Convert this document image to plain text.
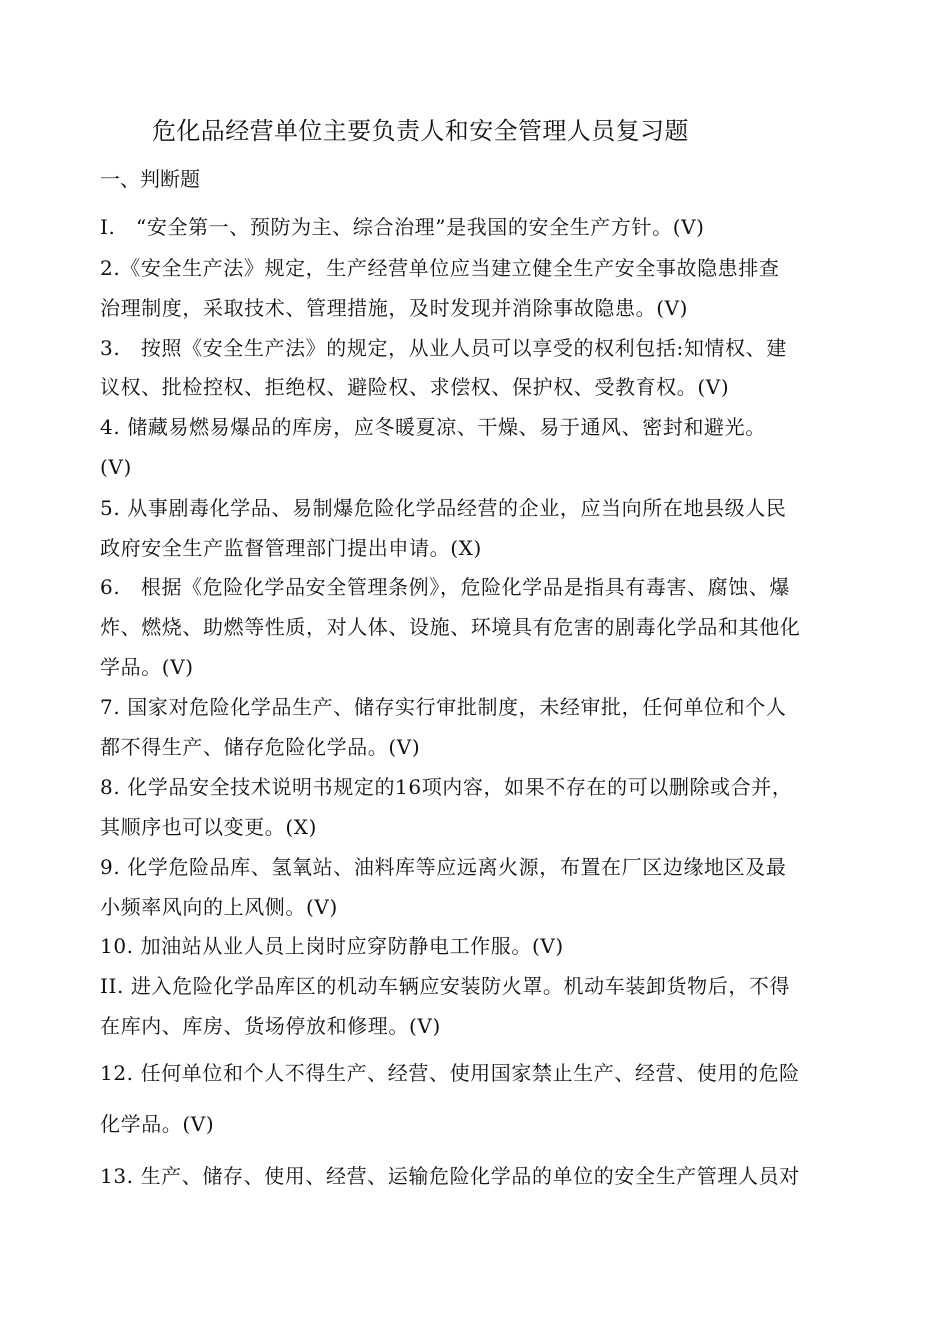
危化品经营单位主要负责人和安全管理人员复习题
一、判断题
I.　“安全第一、预防为主、综合治理”是我国的安全生产方针。(V)
2.《安全生产法》规定，生产经营单位应当建立健全生产安全事故隐患排查
治理制度，采取技术、管理措施，及时发现并消除事故隐患。(V)
3.　按照《安全生产法》的规定，从业人员可以享受的权利包括:知情权、建
议权、批检控权、拒绝权、避险权、求偿权、保护权、受教育权。(V)
4. 储藏易燃易爆品的库房，应冬暖夏凉、干燥、易于通风、密封和避光。
(V)
5. 从事剧毒化学品、易制爆危险化学品经营的企业，应当向所在地县级人民
政府安全生产监督管理部门提出申请。(X)
6.　根据《危险化学品安全管理条例》，危险化学品是指具有毒害、腐蚀、爆
炸、燃烧、助燃等性质，对人体、设施、环境具有危害的剧毒化学品和其他化
学品。(V)
7. 国家对危险化学品生产、储存实行审批制度，未经审批，任何单位和个人
都不得生产、储存危险化学品。(V)
8. 化学品安全技术说明书规定的16项内容，如果不存在的可以删除或合并，
其顺序也可以变更。(X)
9. 化学危险品库、氢氧站、油料库等应远离火源，布置在厂区边缘地区及最
小频率风向的上风侧。(V)
10. 加油站从业人员上岗时应穿防静电工作服。(V)
II. 进入危险化学品库区的机动车辆应安装防火罩。机动车装卸货物后，不得
在库内、库房、货场停放和修理。(V)
12. 任何单位和个人不得生产、经营、使用国家禁止生产、经营、使用的危险
化学品。(V)
13. 生产、储存、使用、经营、运输危险化学品的单位的安全生产管理人员对
